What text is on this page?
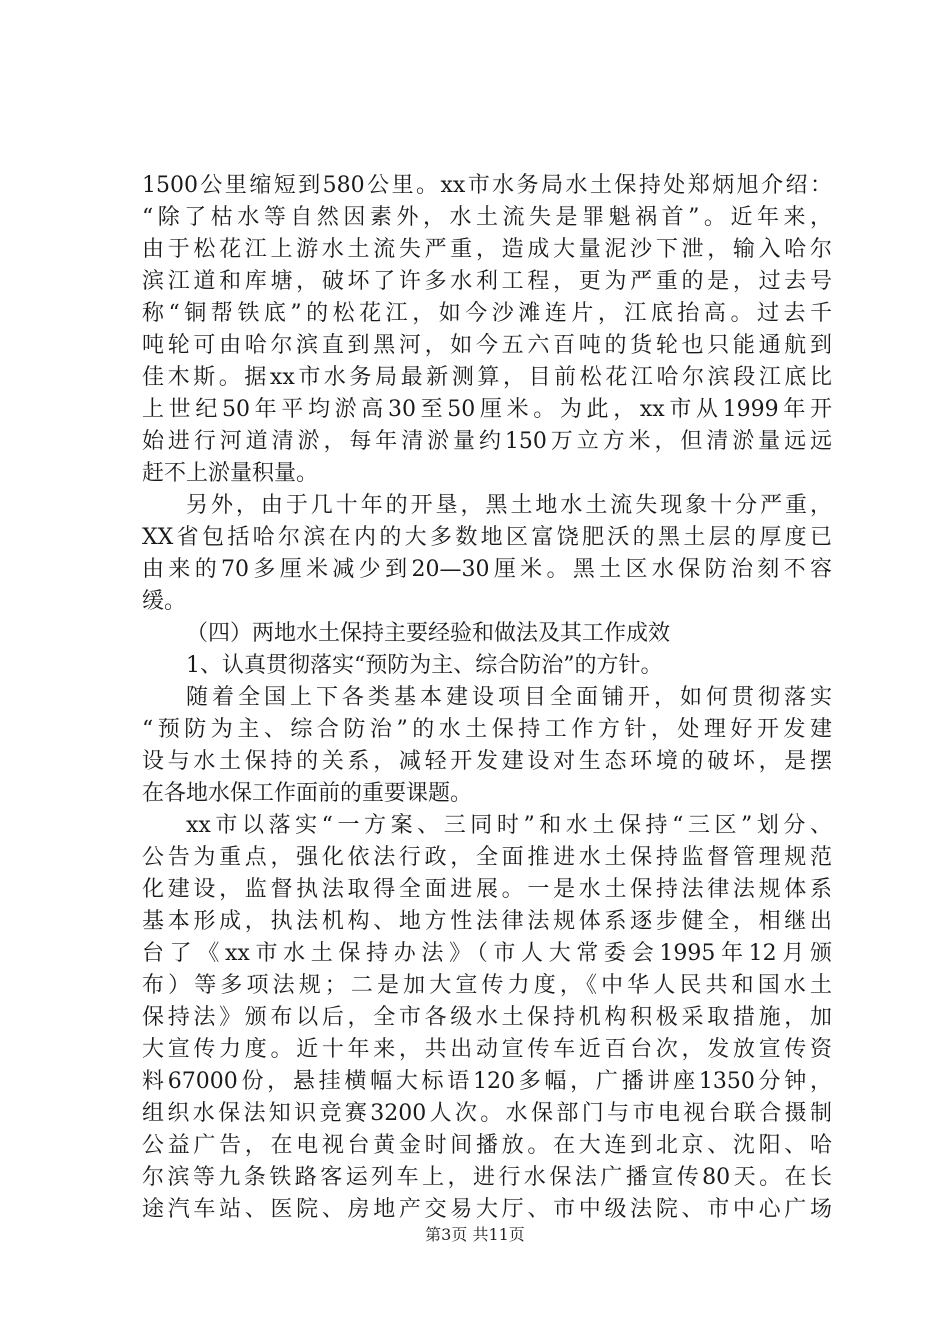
1500公里缩短到580公里。xx市水务局水土保持处郑炳旭介绍：
“除了枯水等自然因素外，水土流失是罪魁祸首”。近年来，
由于松花江上游水土流失严重，造成大量泥沙下泄，输入哈尔
滨江道和库塘，破坏了许多水利工程，更为严重的是，过去号
称“铜帮铁底”的松花江，如今沙滩连片，江底抬高。过去千
吨轮可由哈尔滨直到黑河，如今五六百吨的货轮也只能通航到
佳木斯。据xx市水务局最新测算，目前松花江哈尔滨段江底比
上世纪50年平均淤高30至50厘米。为此，xx市从1999年开
始进行河道清淤，每年清淤量约150万立方米，但清淤量远远
赶不上淤量积量。
另外，由于几十年的开垦，黑土地水土流失现象十分严重，
XX省包括哈尔滨在内的大多数地区富饶肥沃的黑土层的厚度已
由来的70多厘米减少到20—30厘米。黑土区水保防治刻不容
缓。
（四）两地水土保持主要经验和做法及其工作成效
1、认真贯彻落实“预防为主、综合防治”的方针。
随着全国上下各类基本建设项目全面铺开，如何贯彻落实
“预防为主、综合防治”的水土保持工作方针，处理好开发建
设与水土保持的关系，减轻开发建设对生态环境的破坏，是摆
在各地水保工作面前的重要课题。
xx市以落实“一方案、三同时”和水土保持“三区”划分、
公告为重点，强化依法行政，全面推进水土保持监督管理规范
化建设，监督执法取得全面进展。一是水土保持法律法规体系
基本形成，执法机构、地方性法律法规体系逐步健全，相继出
台了《xx市水土保持办法》（市人大常委会1995年12月颁
布）等多项法规；二是加大宣传力度，《中华人民共和国水土
保持法》颁布以后，全市各级水土保持机构积极采取措施，加
大宣传力度。近十年来，共出动宣传车近百台次，发放宣传资
料67000份，悬挂横幅大标语120多幅，广播讲座1350分钟，
组织水保法知识竞赛3200人次。水保部门与市电视台联合摄制
公益广告，在电视台黄金时间播放。在大连到北京、沈阳、哈
尔滨等九条铁路客运列车上，进行水保法广播宣传80天。在长
途汽车站、医院、房地产交易大厅、市中级法院、市中心广场
第3页 共11页
